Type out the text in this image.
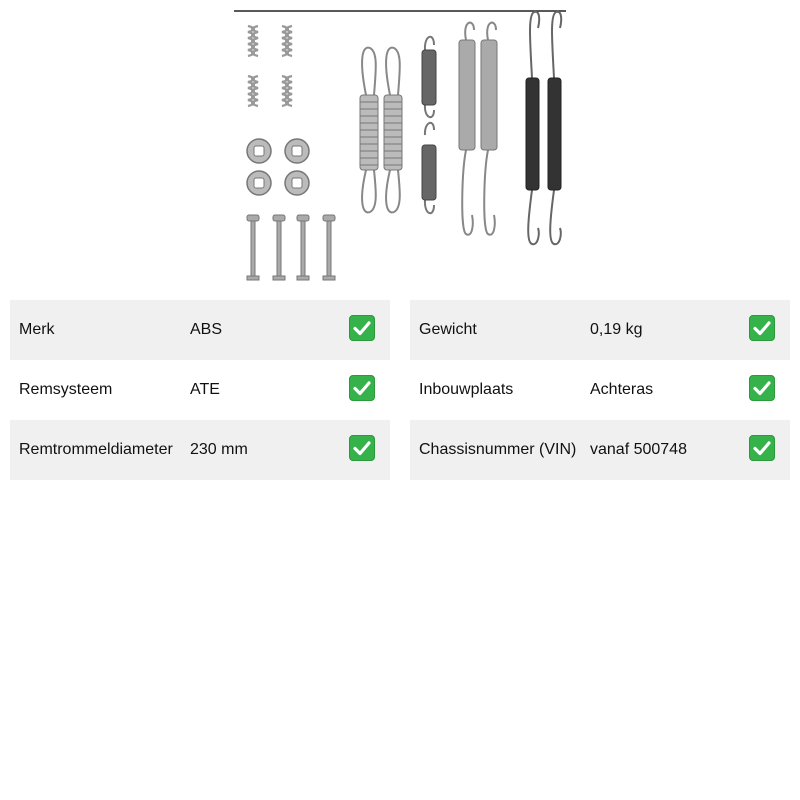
Merk	ABS
Remsysteem	ATE
Remtrommeldiameter 230 mm
Gewicht	0,19 kg
Inbouwplaats	Achteras
Chassisnummer (VIN) vanaf 500748
